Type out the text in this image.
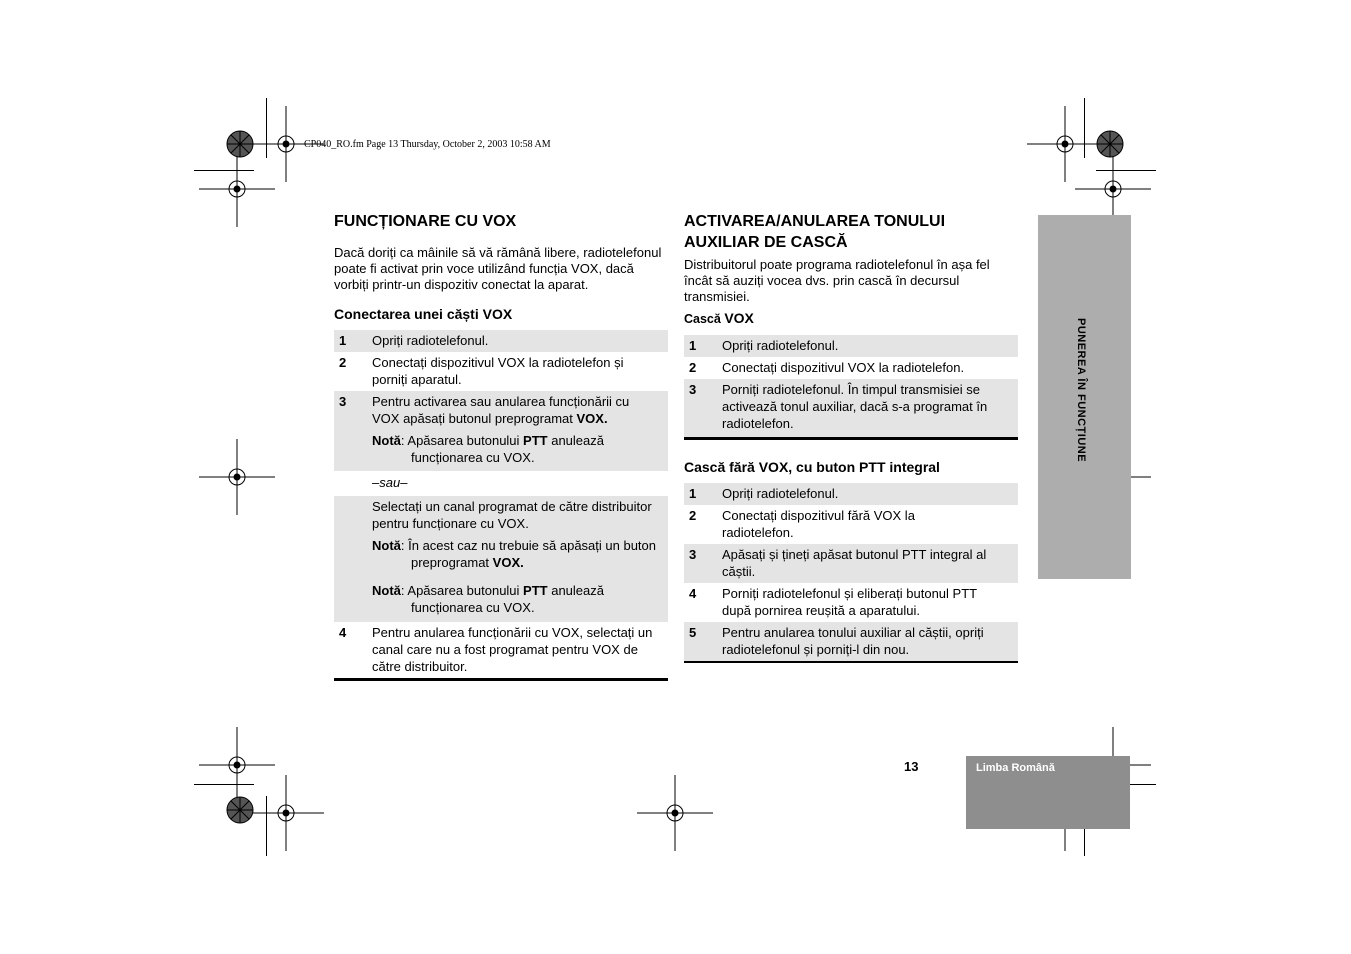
CP040_RO.fm Page 13 Thursday, October 2, 2003 10:58 AM
FUNCȚIONARE CU VOX
Dacă doriți ca mâinile să vă rămână libere, radiotelefonul poate fi activat prin voce utilizând funcția VOX, dacă vorbiți printr-un dispozitiv conectat la aparat.
Conectarea unei căști VOX
1	Opriți radiotelefonul.
2	Conectați dispozitivul VOX la radiotelefon și porniți aparatul.
3	Pentru activarea sau anularea funcționării cu VOX apăsați butonul preprogramat VOX.
Notă: Apăsarea butonului PTT anulează funcționarea cu VOX.

	–sau–

	Selectați un canal programat de către distribuitor pentru funcționare cu VOX.
Notă: În acest caz nu trebuie să apăsați un buton preprogramat VOX.
Notă: Apăsarea butonului PTT anulează funcționarea cu VOX.

4	Pentru anularea funcționării cu VOX, selectați un canal care nu a fost programat pentru VOX de către distribuitor.
ACTIVAREA/ANULAREA TONULUI
AUXILIAR DE CASCĂ
Distribuitorul poate programa radiotelefonul în așa fel încât să auziți vocea dvs. prin cască în decursul transmisiei.
Cască VOX
1	Opriți radiotelefonul.
2	Conectați dispozitivul VOX la radiotelefon.
3	Porniți radiotelefonul. În timpul transmisiei se activează tonul auxiliar, dacă s-a programat în radiotelefon.
Cască fără VOX, cu buton PTT integral
1	Opriți radiotelefonul.
2	Conectați dispozitivul fără VOX la radiotelefon.
3	Apăsați și țineți apăsat butonul PTT integral al căștii.
4	Porniți radiotelefonul și eliberați butonul PTT după pornirea reușită a aparatului.
5	Pentru anularea tonului auxiliar al căștii, opriți radiotelefonul și porniți-l din nou.
PUNEREA ÎN FUNCȚIUNE
13	Limba Română
